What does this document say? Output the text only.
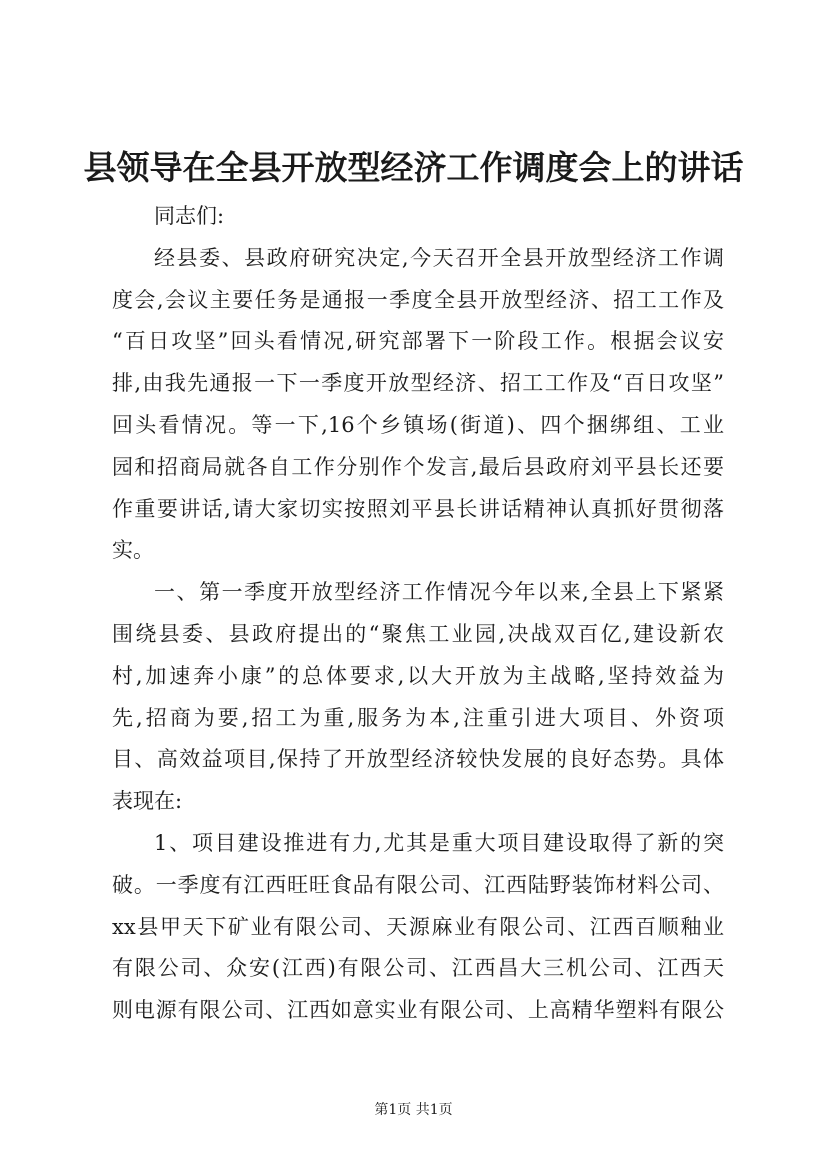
县领导在全县开放型经济工作调度会上的讲话
同志们:
经县委、县政府研究决定,今天召开全县开放型经济工作调
度会,会议主要任务是通报一季度全县开放型经济、招工工作及
“百日攻坚”回头看情况,研究部署下一阶段工作。根据会议安
排,由我先通报一下一季度开放型经济、招工工作及“百日攻坚”
回头看情况。等一下,16个乡镇场(街道)、四个捆绑组、工业
园和招商局就各自工作分别作个发言,最后县政府刘平县长还要
作重要讲话,请大家切实按照刘平县长讲话精神认真抓好贯彻落
实。
一、第一季度开放型经济工作情况今年以来,全县上下紧紧
围绕县委、县政府提出的“聚焦工业园,决战双百亿,建设新农
村,加速奔小康”的总体要求,以大开放为主战略,坚持效益为
先,招商为要,招工为重,服务为本,注重引进大项目、外资项
目、高效益项目,保持了开放型经济较快发展的良好态势。具体
表现在:
1、项目建设推进有力,尤其是重大项目建设取得了新的突
破。一季度有江西旺旺食品有限公司、江西陆野装饰材料公司、
xx县甲天下矿业有限公司、天源麻业有限公司、江西百顺釉业
有限公司、众安(江西)有限公司、江西昌大三机公司、江西天
则电源有限公司、江西如意实业有限公司、上高精华塑料有限公
第1页 共1页
